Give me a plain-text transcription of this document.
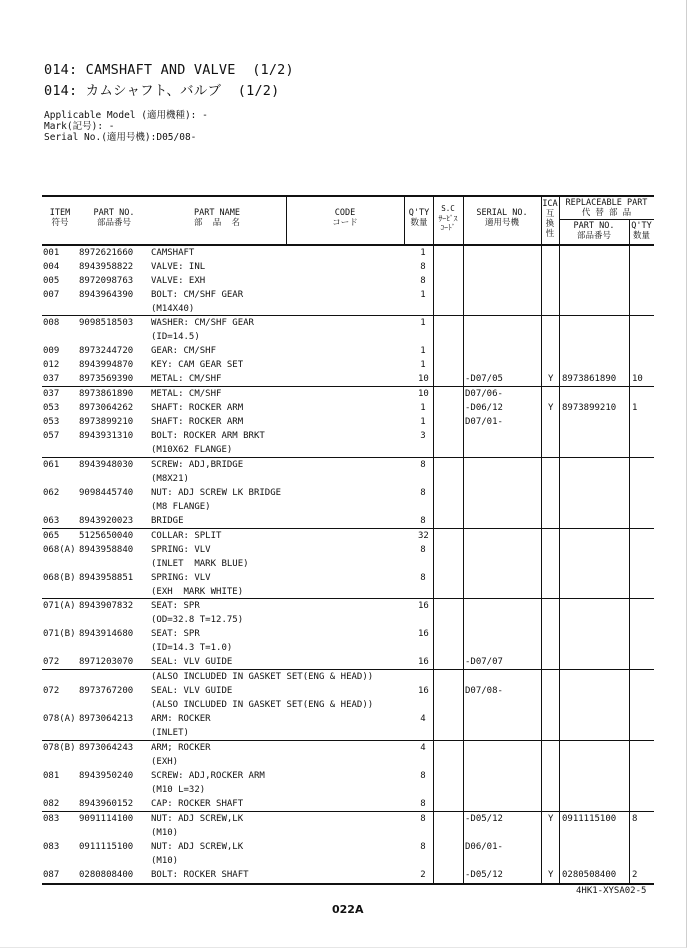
014: CAMSHAFT AND VALVE  (1/2)
014: カムシャフト、バルブ  (1/2)
Applicable Model (適用機種): -
Mark(記号): -
Serial No.(適用号機):D05/08-
ITEM
符号
PART NO.
部品番号
PART NAME
部  品  名
CODE
コード
Q'TY
数量
S.C
ｻｰﾋﾞｽ
ｺｰﾄﾞ
SERIAL NO.
適用号機
ICA
互
換
性
REPLACEABLE PART
代 替 部 品
PART NO.
部品番号
Q'TY
数量
001 8972621660 CAMSHAFT	1
004 8943958822 VALVE: INL	8
005 8972098763 VALVE: EXH	8
007 8943964390 BOLT: CM/SHF GEAR	1
(M14X40)
008 9098518503 WASHER: CM/SHF GEAR	1
(ID=14.5)
009 8973244720 GEAR: CM/SHF	1
012 8943994870 KEY: CAM GEAR SET	1
037 8973569390 METAL: CM/SHF	10	-D07/05	Y 8973861890 10
037 8973861890 METAL: CM/SHF	10	D07/06-
053 8973064262 SHAFT: ROCKER ARM	1	-D06/12	Y 8973899210 1
053 8973899210 SHAFT: ROCKER ARM	1	D07/01-
057 8943931310 BOLT: ROCKER ARM BRKT	3
(M10X62 FLANGE)
061 8943948030 SCREW: ADJ,BRIDGE	8
(M8X21)
062 9098445740 NUT: ADJ SCREW LK BRIDGE	8
(M8 FLANGE)
063 8943920023 BRIDGE	8
065 5125650040 COLLAR: SPLIT	32
068(A) 8943958840 SPRING: VLV	8
(INLET  MARK BLUE)
068(B) 8943958851 SPRING: VLV	8
(EXH  MARK WHITE)
071(A) 8943907832 SEAT: SPR	16
(OD=32.8 T=12.75)
071(B) 8943914680 SEAT: SPR	16
(ID=14.3 T=1.0)
072 8971203070 SEAL: VLV GUIDE	16	-D07/07
(ALSO INCLUDED IN GASKET SET(ENG & HEAD))
072 8973767200 SEAL: VLV GUIDE	16	D07/08-
(ALSO INCLUDED IN GASKET SET(ENG & HEAD))
078(A) 8973064213 ARM: ROCKER	4
(INLET)
078(B) 8973064243 ARM; ROCKER	4
(EXH)
081 8943950240 SCREW: ADJ,ROCKER ARM	8
(M10 L=32)
082 8943960152 CAP: ROCKER SHAFT	8
083 9091114100 NUT: ADJ SCREW,LK	8	-D05/12	Y 0911115100 8
(M10)
083 0911115100 NUT: ADJ SCREW,LK	8	D06/01-
(M10)
087 0280808400 BOLT: ROCKER SHAFT	2	-D05/12	Y 0280508400 2
4HK1-XYSA02-5
022A
